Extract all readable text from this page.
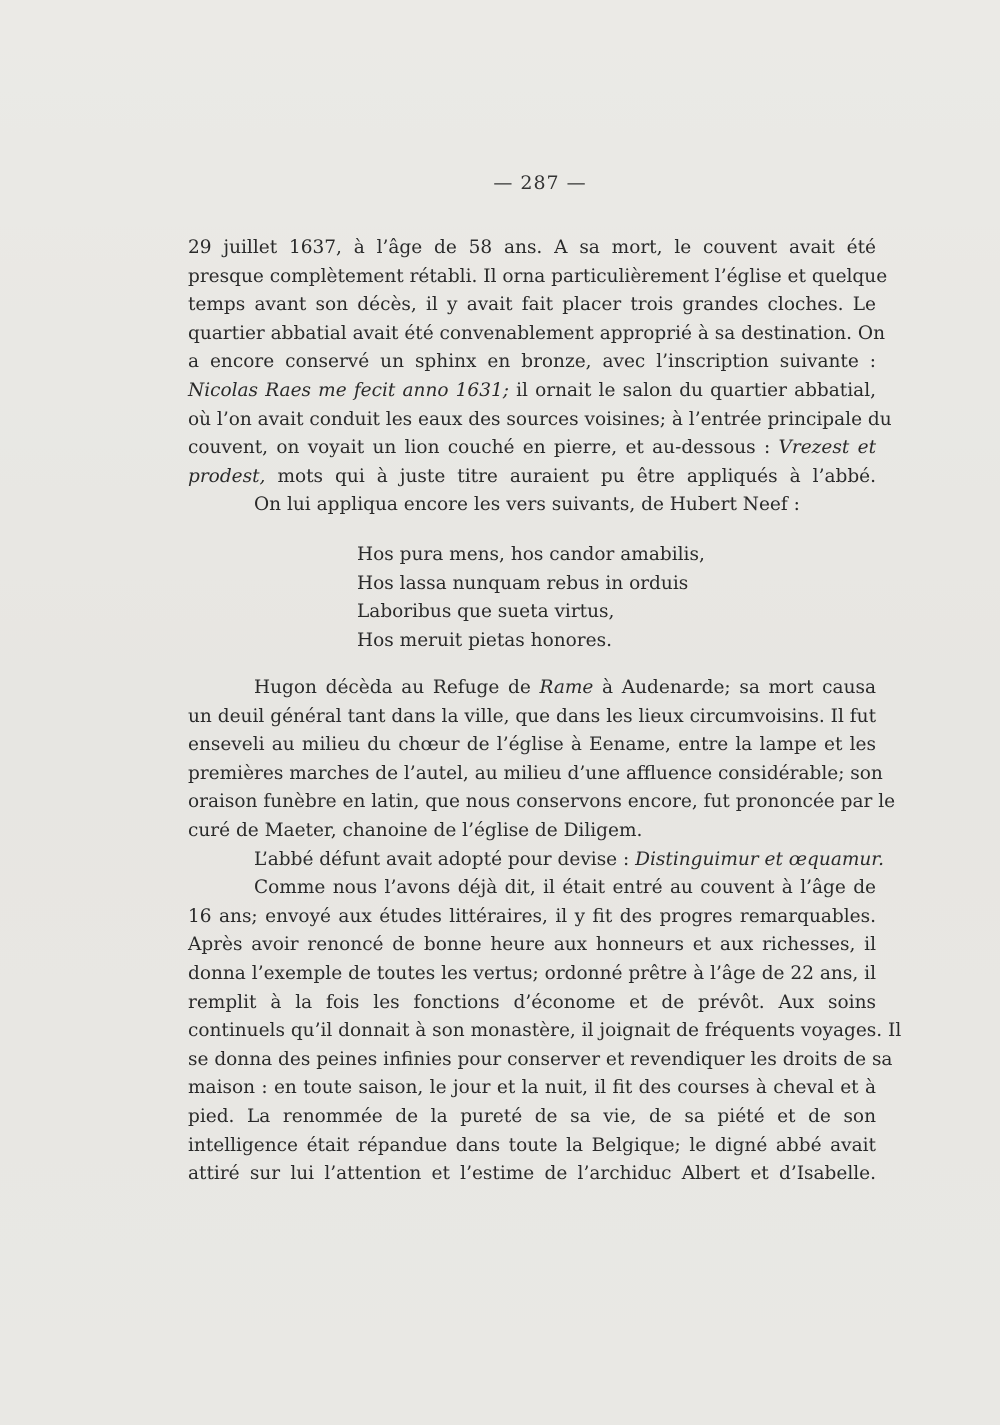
— 287 —
29 juillet 1637, à l’âge de 58 ans. A sa mort, le couvent avait été
presque complètement rétabli. Il orna particulièrement l’église et quelque
temps avant son décès, il y avait fait placer trois grandes cloches. Le
quartier abbatial avait été convenablement approprié à sa destination. On
a encore conservé un sphinx en bronze, avec l’inscription suivante :
Nicolas Raes me fecit anno 1631; il ornait le salon du quartier abbatial,
où l’on avait conduit les eaux des sources voisines; à l’entrée principale du
couvent, on voyait un lion couché en pierre, et au-dessous : Vrezest et
prodest, mots qui à juste titre auraient pu être appliqués à l’abbé.
On lui appliqua encore les vers suivants, de Hubert Neef :
Hos pura mens, hos candor amabilis,
Hos lassa nunquam rebus in orduis
Laboribus que sueta virtus,
Hos meruit pietas honores.
Hugon décèda au Refuge de Rame à Audenarde; sa mort causa
un deuil général tant dans la ville, que dans les lieux circumvoisins. Il fut
enseveli au milieu du chœur de l’église à Eename, entre la lampe et les
premières marches de l’autel, au milieu d’une affluence considérable; son
oraison funèbre en latin, que nous conservons encore, fut prononcée par le
curé de Maeter, chanoine de l’église de Diligem.
L’abbé défunt avait adopté pour devise : Distinguimur et œquamur.
Comme nous l’avons déjà dit, il était entré au couvent à l’âge de
16 ans; envoyé aux études littéraires, il y fit des progres remarquables.
Après avoir renoncé de bonne heure aux honneurs et aux richesses, il
donna l’exemple de toutes les vertus; ordonné prêtre à l’âge de 22 ans, il
remplit à la fois les fonctions d’économe et de prévôt. Aux soins
continuels qu’il donnait à son monastère, il joignait de fréquents voyages. Il
se donna des peines infinies pour conserver et revendiquer les droits de sa
maison : en toute saison, le jour et la nuit, il fit des courses à cheval et à
pied. La renommée de la pureté de sa vie, de sa piété et de son
intelligence était répandue dans toute la Belgique; le digné abbé avait
attiré sur lui l’attention et l’estime de l’archiduc Albert et d’Isabelle.
